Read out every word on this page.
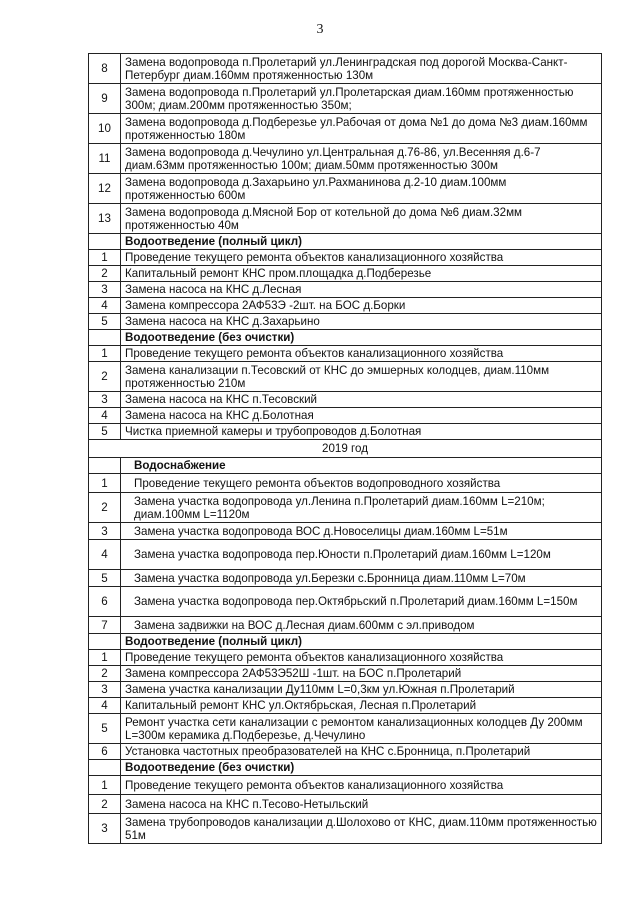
3
8	Замена водопровода п.Пролетарий ул.Ленинградская под дорогой Москва-Санкт-Петербург диам.160мм протяженностью 130м
9	Замена водопровода п.Пролетарий ул.Пролетарская диам.160мм протяженностью 300м; диам.200мм протяженностью 350м;
10	Замена водопровода д.Подберезье ул.Рабочая от дома №1 до дома №3 диам.160мм протяженностью 180м
11	Замена водопровода д.Чечулино ул.Центральная д.76-86, ул.Весенняя д.6-7 диам.63мм протяженностью 100м; диам.50мм протяженностью 300м
12	Замена водопровода д.Захарьино ул.Рахманинова д.2-10 диам.100мм протяженностью 600м
13	Замена водопровода д.Мясной Бор от котельной до дома №6 диам.32мм протяженностью 40м
	Водоотведение (полный цикл)
1	Проведение текущего ремонта объектов канализационного хозяйства
2	Капитальный ремонт КНС пром.площадка д.Подберезье
3	Замена насоса на КНС д.Лесная
4	Замена компрессора 2АФ53Э -2шт. на БОС д.Борки
5	Замена насоса на КНС д.Захарьино
	Водоотведение (без очистки)
1	Проведение текущего ремонта объектов канализационного хозяйства
2	Замена канализации п.Тесовский от КНС до эмшерных колодцев, диам.110мм протяженностью 210м
3	Замена насоса на КНС п.Тесовский
4	Замена насоса на КНС д.Болотная
5	Чистка приемной камеры и трубопроводов д.Болотная
2019 год	
	Водоснабжение
1	Проведение текущего ремонта объектов водопроводного хозяйства
2	Замена участка водопровода ул.Ленина п.Пролетарий диам.160мм L=210м; диам.100мм L=1120м
3	Замена участка водопровода ВОС д.Новоселицы диам.160мм L=51м
4	Замена участка водопровода пер.Юности п.Пролетарий диам.160мм L=120м
5	Замена участка водопровода ул.Березки с.Бронница диам.110мм L=70м
6	Замена участка водопровода пер.Октябрьский п.Пролетарий диам.160мм L=150м
7	Замена задвижки на ВОС д.Лесная диам.600мм с эл.приводом
	Водоотведение (полный цикл)
1	Проведение текущего ремонта объектов канализационного хозяйства
2	Замена компрессора 2АФ53Э52Ш -1шт. на БОС п.Пролетарий
3	Замена участка канализации Ду110мм L=0,3км ул.Южная п.Пролетарий
4	Капитальный ремонт КНС ул.Октябрьская, Лесная п.Пролетарий
5	Ремонт участка сети канализации с ремонтом канализационных колодцев Ду 200мм L=300м керамика д.Подберезье, д.Чечулино
6	Установка частотных преобразователей на КНС с.Бронница, п.Пролетарий
	Водоотведение (без очистки)
1	Проведение текущего ремонта объектов канализационного хозяйства
2	Замена насоса на КНС п.Тесово-Нетыльский
3	Замена трубопроводов канализации д.Шолохово от КНС, диам.110мм протяженностью 51м
